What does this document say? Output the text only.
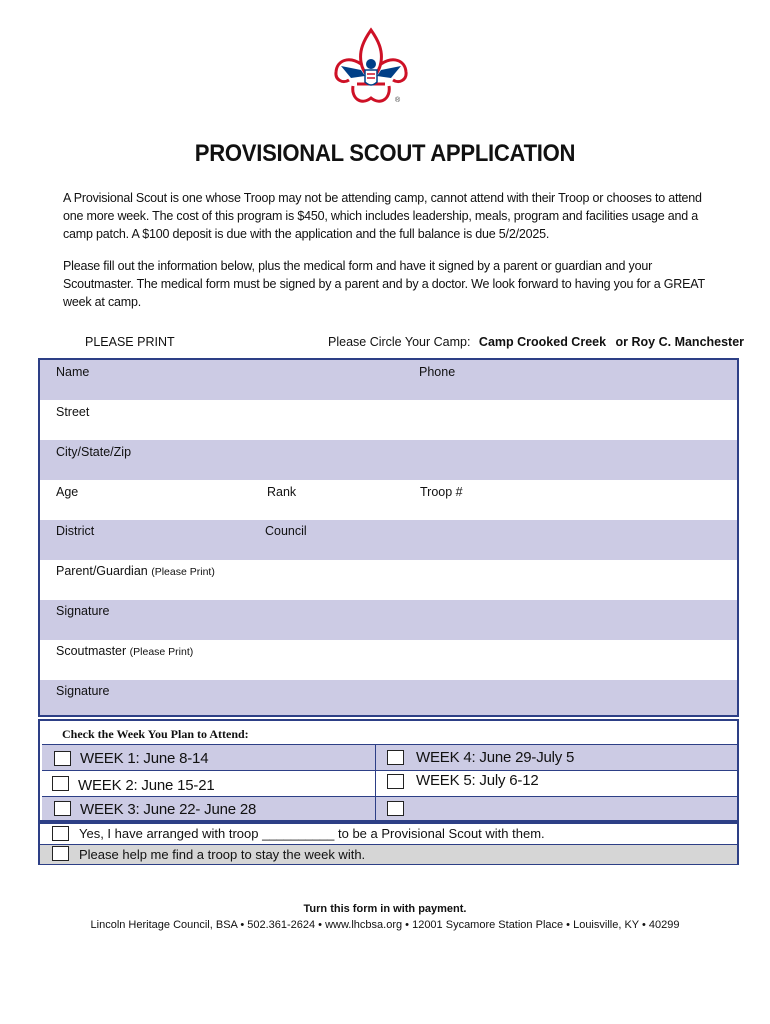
®
PROVISIONAL SCOUT APPLICATION
A Provisional Scout is one whose Troop may not be attending camp, cannot attend with their Troop or chooses to attend one more week. The cost of this program is $450, which includes leadership, meals, program and facilities usage and a camp patch. A $100 deposit is due with the application and the full balance is due 5/2/2025.
Please fill out the information below, plus the medical form and have it signed by a parent or guardian and your Scoutmaster. The medical form must be signed by a parent and by a doctor. We look forward to having you for a GREAT week at camp.
PLEASE PRINT	Please Circle Your Camp: Camp Crooked Creek or Roy C. Manchester
Name	Phone
Street
City/State/Zip
Age	Rank	Troop #
District	Council
Parent/Guardian (Please Print)
Signature
Scoutmaster (Please Print)
Signature
Check the Week You Plan to Attend:
WEEK 1: June 8-14	WEEK 4: June 29-July 5
WEEK 2: June 15-21	WEEK 5: July 6-12
WEEK 3: June 22- June 28
Yes, I have arranged with troop __________ to be a Provisional Scout with them.
Please help me find a troop to stay the week with.
Turn this form in with payment.
Lincoln Heritage Council, BSA • 502.361-2624 • www.lhcbsa.org • 12001 Sycamore Station Place • Louisville, KY • 40299
